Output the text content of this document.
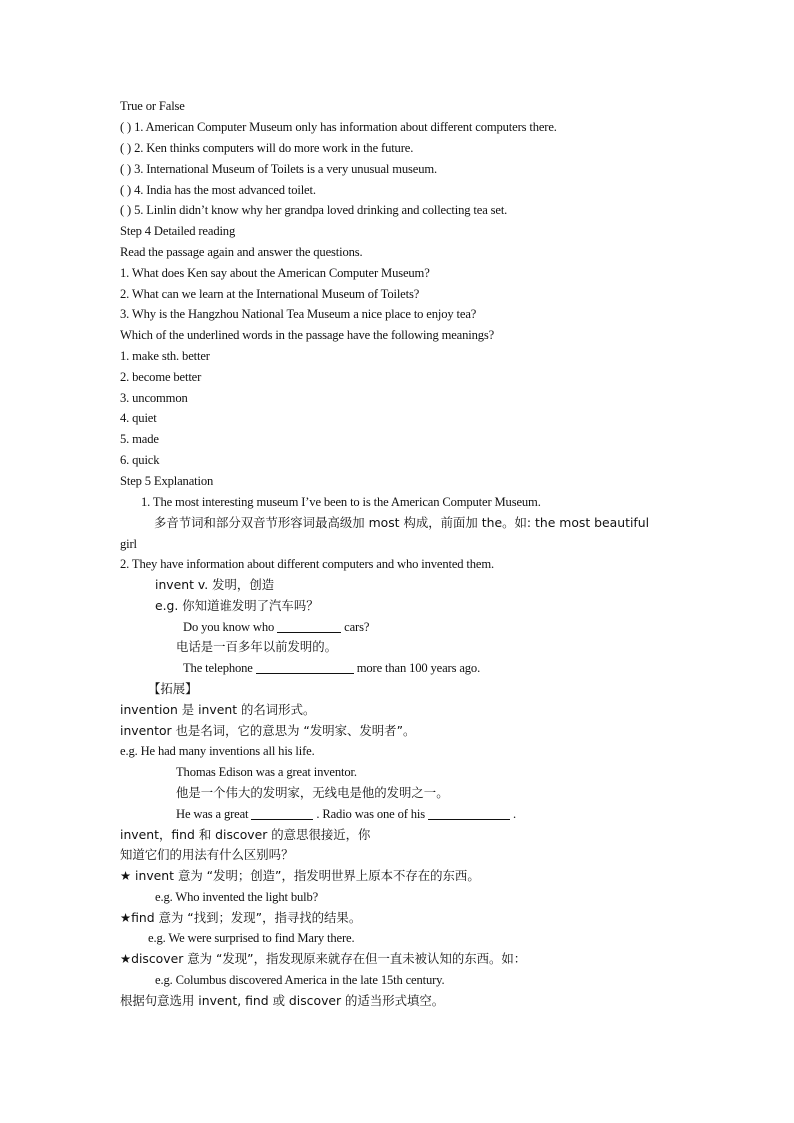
True or False
( ) 1. American Computer Museum only has information about different computers there.
( ) 2. Ken thinks computers will do more work in the future.
( ) 3. International Museum of Toilets is a very unusual museum.
( ) 4. India has the most advanced toilet.
( ) 5. Linlin didn’t know why her grandpa loved drinking and collecting tea set.
Step 4 Detailed reading
Read the passage again and answer the questions.
1. What does Ken say about the American Computer Museum?
2. What can we learn at the International Museum of Toilets?
3. Why is the Hangzhou National Tea Museum a nice place to enjoy tea?
Which of the underlined words in the passage have the following meanings?
1. make sth. better
2. become better
3. uncommon
4. quiet
5. made
6. quick
Step 5 Explanation
1. The most interesting museum I’ve been to is the American Computer Museum.
多音节词和部分双音节形容词最高级加 most 构成，前面加 the。如: the most beautiful
girl
2. They have information about different computers and who invented them.
invent v. 发明，创造
e.g. 你知道谁发明了汽车吗？
Do you know who	cars?
电话是一百多年以前发明的。
The telephone	more than 100 years ago.
【拓展】
invention 是 invent 的名词形式。
inventor 也是名词，它的意思为 “发明家、发明者”。
e.g. He had many inventions all his life.
Thomas Edison was a great inventor.
他是一个伟大的发明家，无线电是他的发明之一。
He was a great	. Radio was one of his	.
invent，find 和 discover 的意思很接近，你
知道它们的用法有什么区别吗？
★ invent 意为 “发明；创造”，指发明世界上原本不存在的东西。
e.g. Who invented the light bulb?
★find 意为 “找到；发现”，指寻找的结果。
e.g. We were surprised to find Mary there.
★discover 意为 “发现”，指发现原来就存在但一直未被认知的东西。如：
e.g. Columbus discovered America in the late 15th century.
根据句意选用 invent, find 或 discover 的适当形式填空。
